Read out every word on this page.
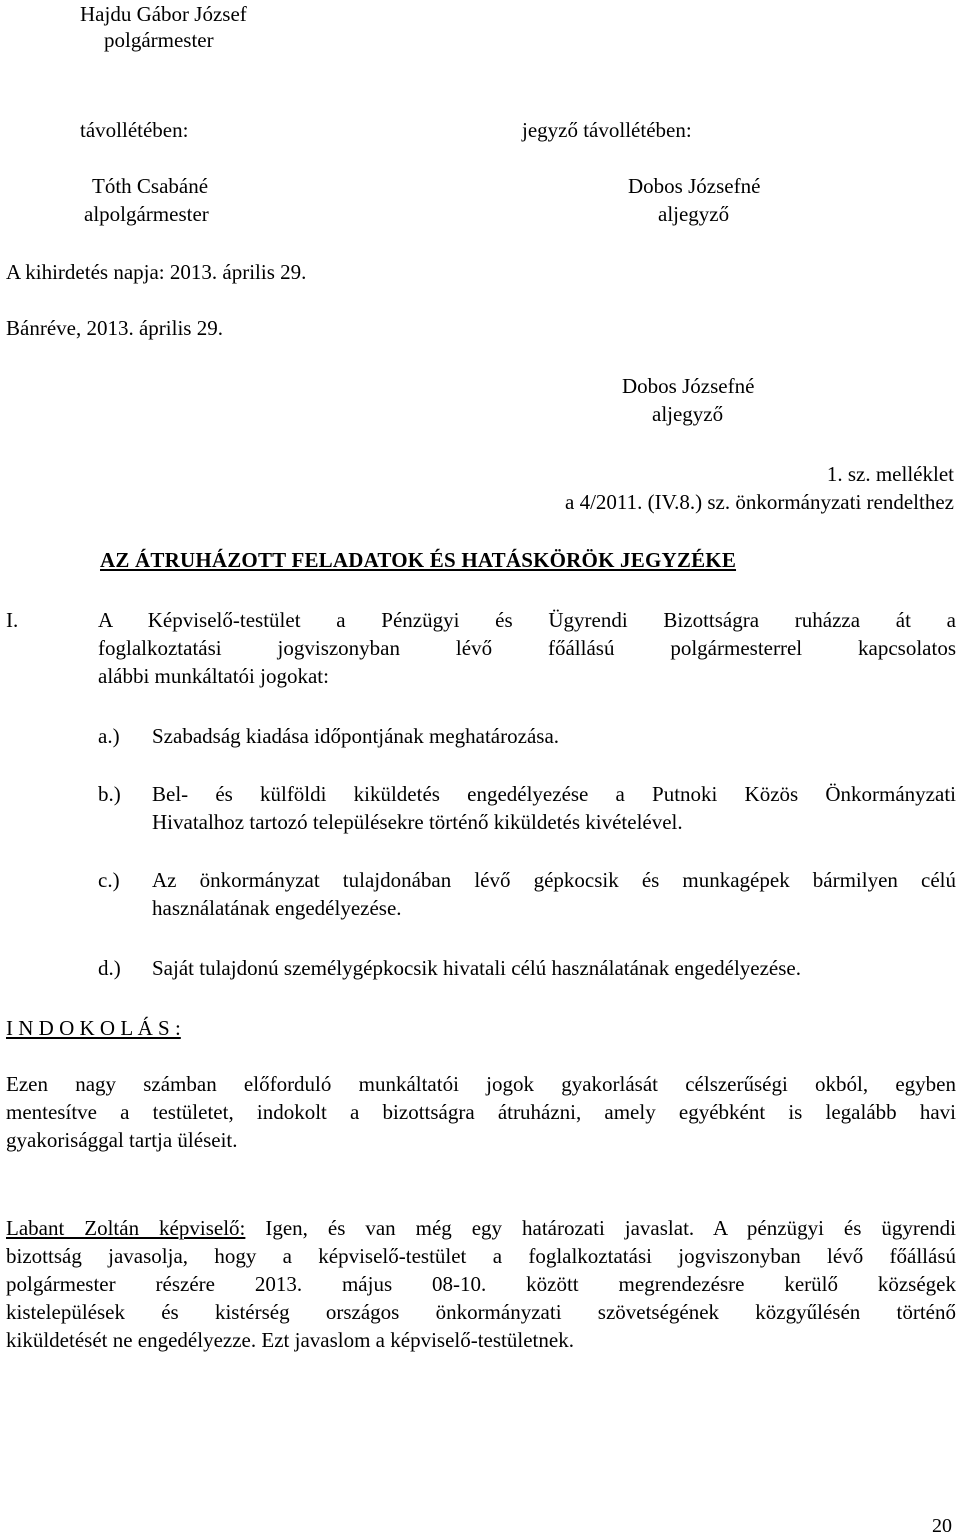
Hajdu Gábor József
polgármester
távollétében:	jegyző távollétében:
Tóth Csabáné
alpolgármester
Dobos Józsefné
aljegyző
A kihirdetés napja: 2013. április 29.
Bánréve, 2013. április 29.
Dobos Józsefné
aljegyző
1. sz. melléklet
a 4/2011. (IV.8.) sz. önkormányzati rendelthez
AZ ÁTRUHÁZOTT FELADATOK ÉS HATÁSKÖRÖK JEGYZÉKE
I.	A Képviselő-testület a Pénzügyi és Ügyrendi Bizottságra ruházza át a
foglalkoztatási jogviszonyban lévő főállású polgármesterrel kapcsolatos
alábbi munkáltatói jogokat:
a.)	Szabadság kiadása időpontjának meghatározása.
b.)	Bel- és külföldi kiküldetés engedélyezése a Putnoki Közös Önkormányzati
Hivatalhoz tartozó településekre történő kiküldetés kivételével.
c.)	Az önkormányzat tulajdonában lévő gépkocsik és munkagépek bármilyen célú
használatának engedélyezése.
d.)	Saját tulajdonú személygépkocsik hivatali célú használatának engedélyezése.
I N D O K O L Á S :
Ezen nagy számban előforduló munkáltatói jogok gyakorlását célszerűségi okból, egyben
mentesítve a testületet, indokolt a bizottságra átruházni, amely egyébként is legalább havi
gyakorisággal tartja üléseit.
Labant Zoltán képviselő: Igen, és van még egy határozati javaslat. A pénzügyi és ügyrendi
bizottság javasolja, hogy a képviselő-testület a foglalkoztatási jogviszonyban lévő főállású
polgármester részére 2013. május 08-10. között megrendezésre kerülő községek
kistelepülések és kistérség országos önkormányzati szövetségének közgyűlésén történő
kiküldetését ne engedélyezze. Ezt javaslom a képviselő-testületnek.
20
